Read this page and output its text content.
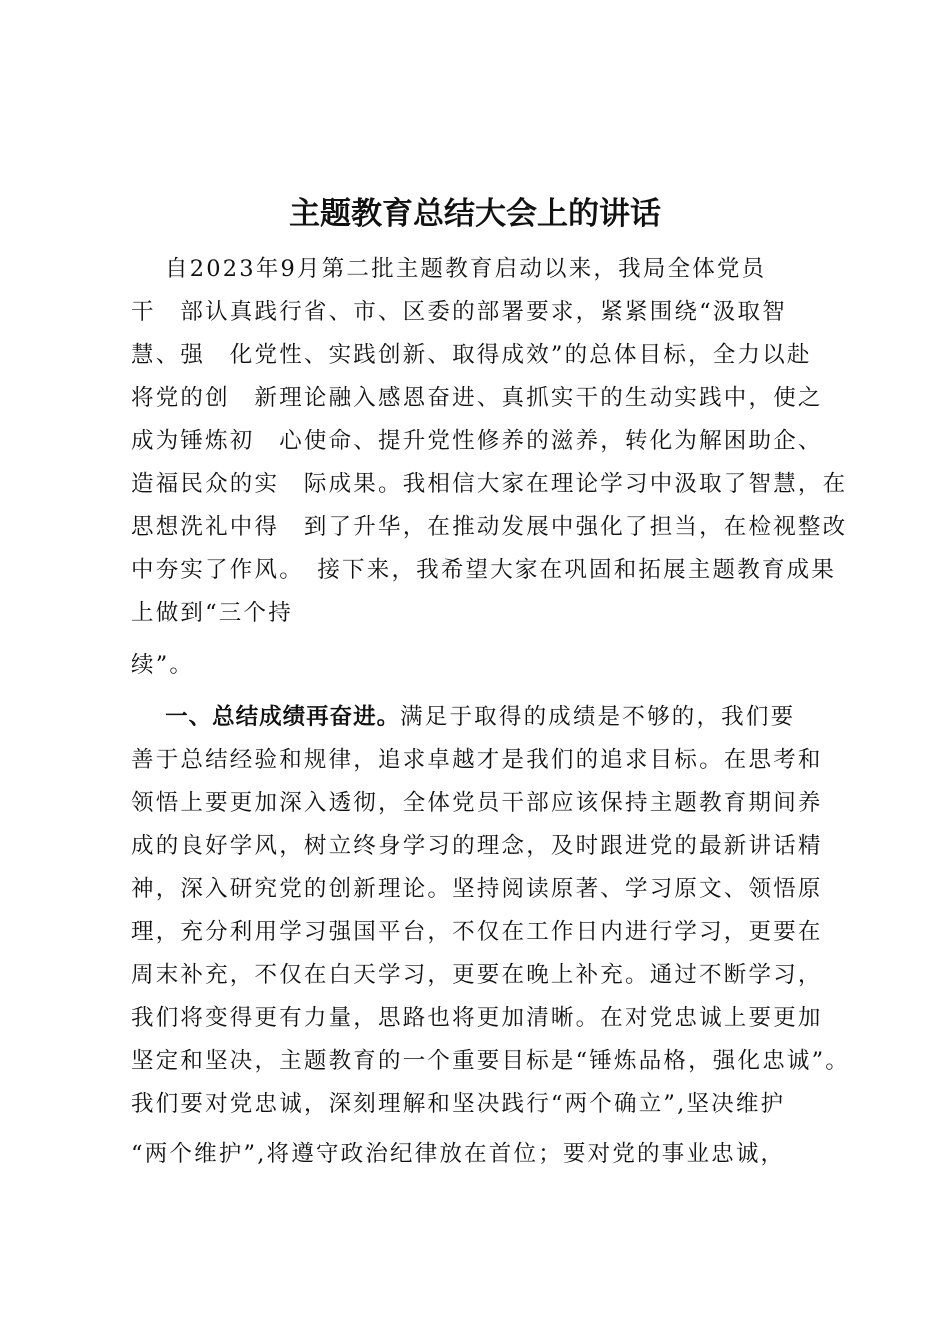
主题教育总结大会上的讲话
　 自2023年9月第二批主题教育启动以来，我局全体党员
干　部认真践行省、市、区委的部署要求，紧紧围绕“汲取智
慧、强　化党性、实践创新、取得成效”的总体目标，全力以赴
将党的创　新理论融入感恩奋进、真抓实干的生动实践中，使之
成为锤炼初　心使命、提升党性修养的滋养，转化为解困助企、
造福民众的实　际成果。我相信大家在理论学习中汲取了智慧，在
思想洗礼中得　到了升华，在推动发展中强化了担当，在检视整改
中夯实了作风。　接下来，我希望大家在巩固和拓展主题教育成果
上做到“三个持
续”。
　 一、总结成绩再奋进。满足于取得的成绩是不够的，我们要
善于总结经验和规律，追求卓越才是我们的追求目标。在思考和
领悟上要更加深入透彻，全体党员干部应该保持主题教育期间养
成的良好学风，树立终身学习的理念，及时跟进党的最新讲话精
神，深入研究党的创新理论。坚持阅读原著、学习原文、领悟原
理，充分利用学习强国平台，不仅在工作日内进行学习，更要在
周末补充，不仅在白天学习，更要在晚上补充。通过不断学习，
我们将变得更有力量，思路也将更加清晰。在对党忠诚上要更加
坚定和坚决，主题教育的一个重要目标是“锤炼品格，强化忠诚”。
我们要对党忠诚，深刻理解和坚决践行“两个确立”,坚决维护
“两个维护”,将遵守政治纪律放在首位；要对党的事业忠诚，
